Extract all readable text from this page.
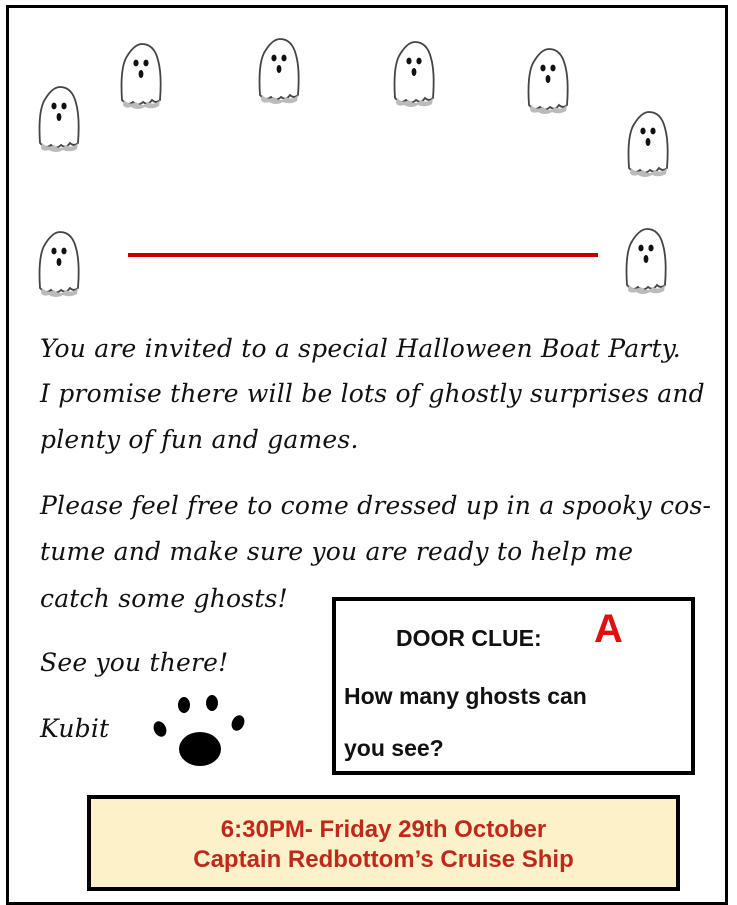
You are invited to a special Halloween Boat Party.
I promise there will be lots of ghostly surprises and
plenty of fun and games.
Please feel free to come dressed up in a spooky cos-
tume and make sure you are ready to help me
catch some ghosts!
See you there!
Kubit
DOOR CLUE: A
How many ghosts can
you see?
6:30PM- Friday 29th October
Captain Redbottom’s Cruise Ship
